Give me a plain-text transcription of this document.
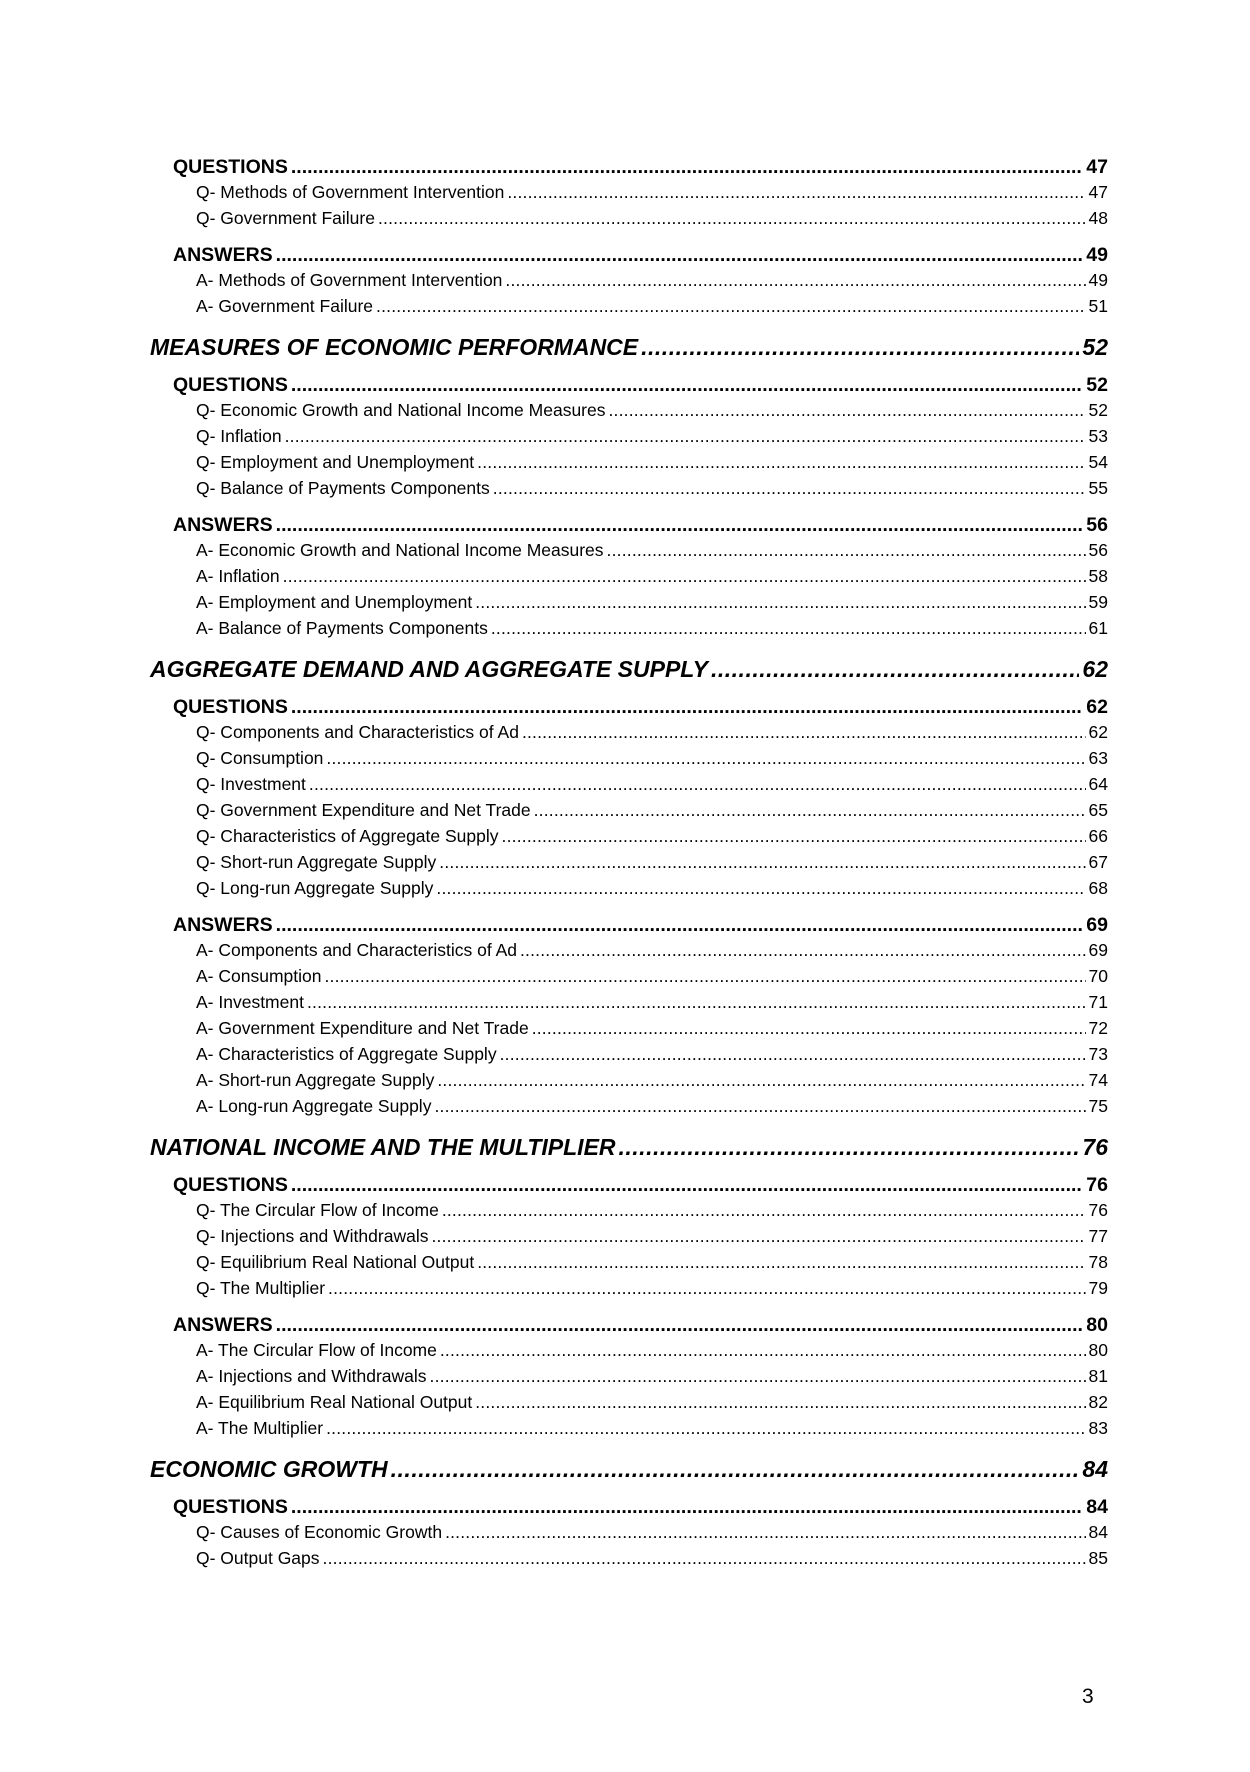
QUESTIONS .....	47
Q- Methods of Government Intervention .....	47
Q- Government Failure .....	48
ANSWERS .....	49
A- Methods of Government Intervention .....	49
A- Government Failure .....	51
MEASURES OF ECONOMIC PERFORMANCE .....	52
QUESTIONS .....	52
Q- Economic Growth and National Income Measures .....	52
Q- Inflation .....	53
Q- Employment and Unemployment .....	54
Q- Balance of Payments Components .....	55
ANSWERS .....	56
A- Economic Growth and National Income Measures .....	56
A- Inflation .....	58
A- Employment and Unemployment .....	59
A- Balance of Payments Components .....	61
AGGREGATE DEMAND AND AGGREGATE SUPPLY .....	62
QUESTIONS .....	62
Q- Components and Characteristics of Ad .....	62
Q- Consumption .....	63
Q- Investment .....	64
Q- Government Expenditure and Net Trade .....	65
Q- Characteristics of Aggregate Supply .....	66
Q- Short-run Aggregate Supply .....	67
Q- Long-run Aggregate Supply .....	68
ANSWERS .....	69
A- Components and Characteristics of Ad .....	69
A- Consumption .....	70
A- Investment .....	71
A- Government Expenditure and Net Trade .....	72
A- Characteristics of Aggregate Supply .....	73
A- Short-run Aggregate Supply .....	74
A- Long-run Aggregate Supply .....	75
NATIONAL INCOME AND THE MULTIPLIER .....	76
QUESTIONS .....	76
Q- The Circular Flow of Income .....	76
Q- Injections and Withdrawals .....	77
Q- Equilibrium Real National Output .....	78
Q- The Multiplier .....	79
ANSWERS .....	80
A- The Circular Flow of Income .....	80
A- Injections and Withdrawals .....	81
A- Equilibrium Real National Output .....	82
A- The Multiplier .....	83
ECONOMIC GROWTH .....	84
QUESTIONS .....	84
Q- Causes of Economic Growth .....	84
Q- Output Gaps .....	85
3
